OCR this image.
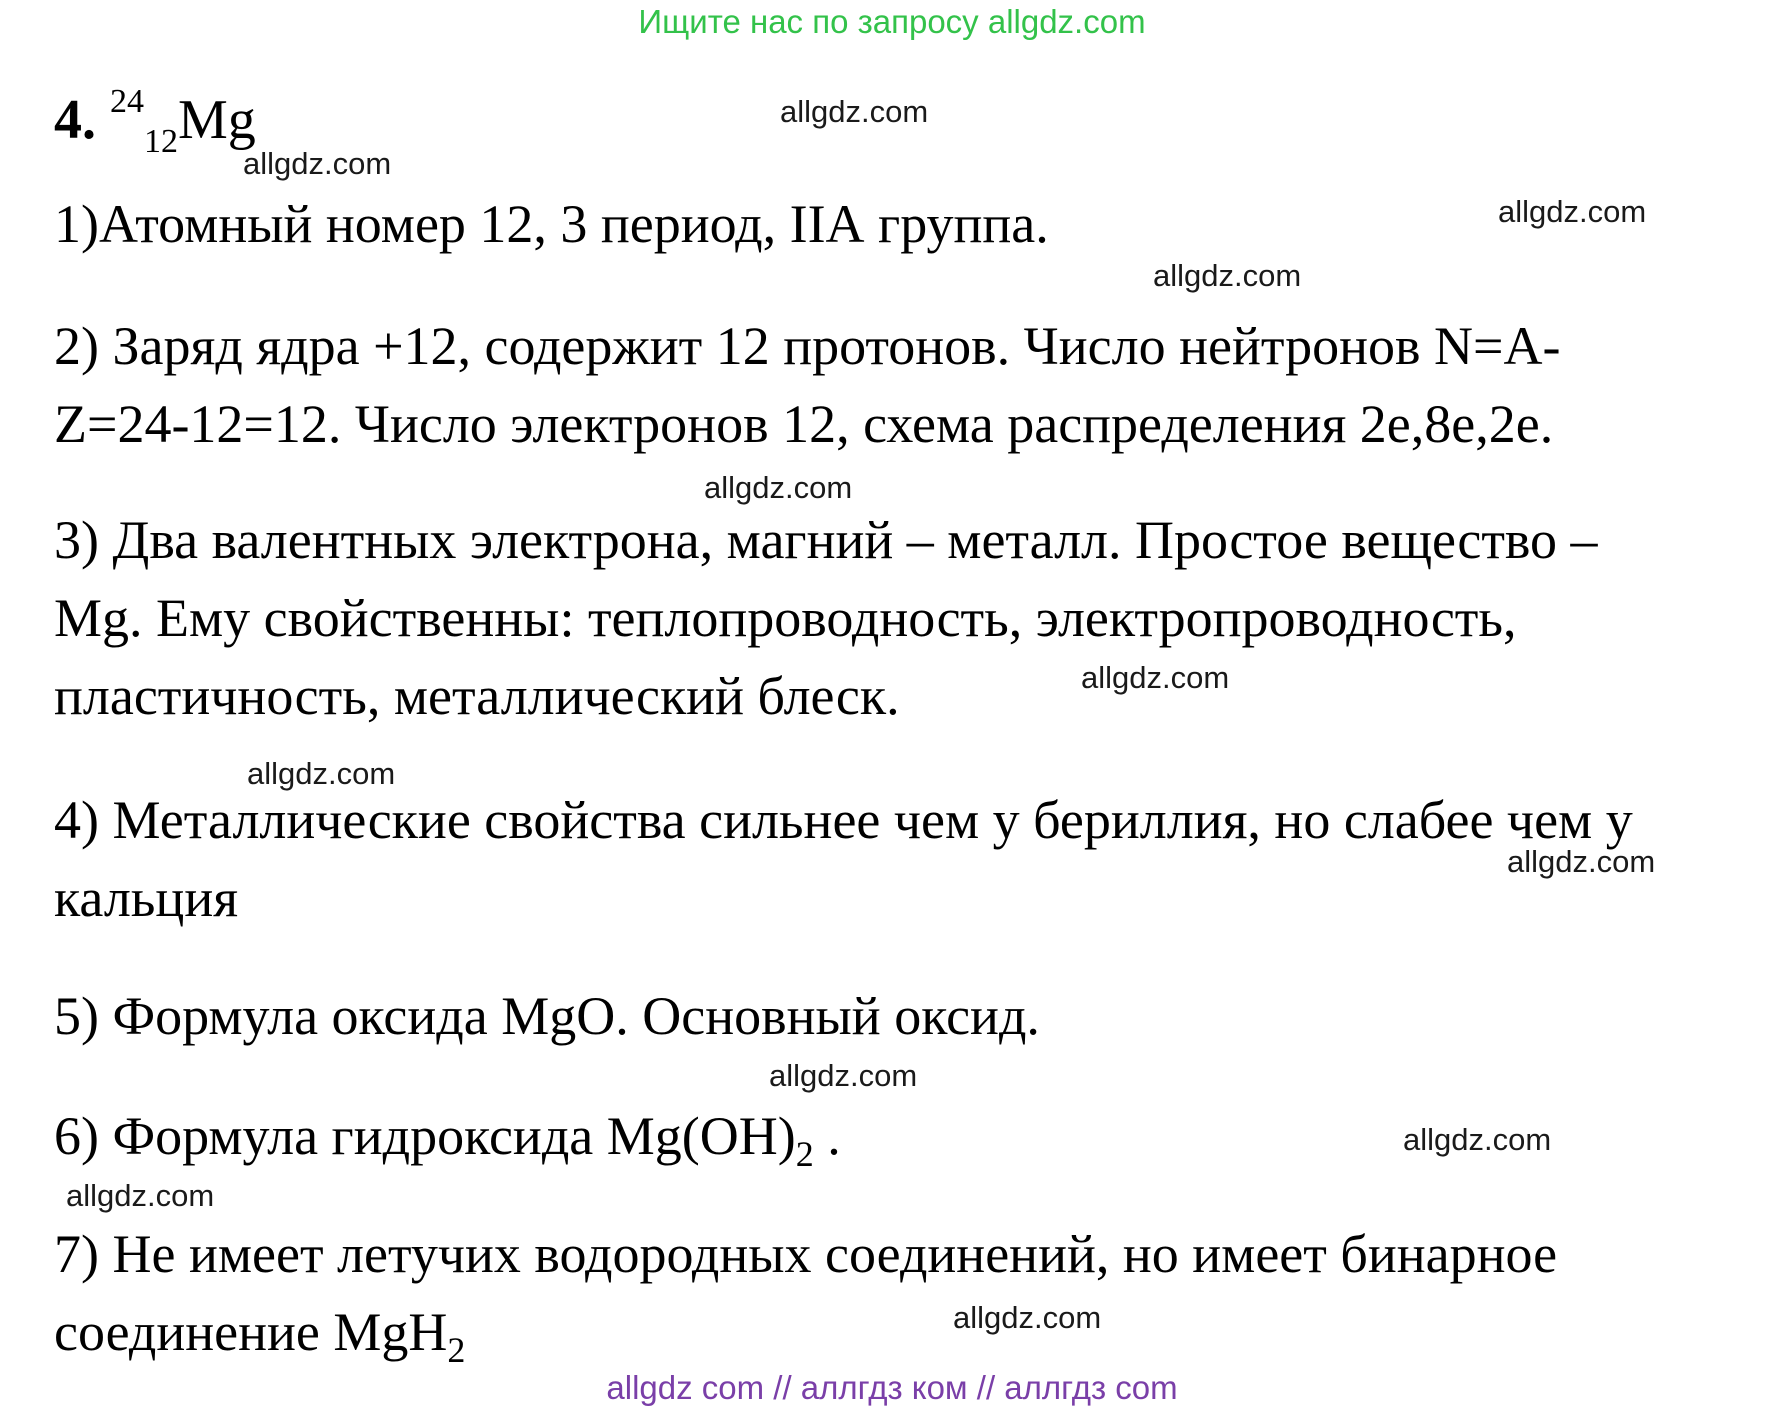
Ищите нас по запросу allgdz.com
4. $^{24}_{12}$Mg
1)Атомный номер 12, 3 период, IIА группа.
2) Заряд ядра +12, содержит 12 протонов. Число нейтронов N=A-
Z=24-12=12. Число электронов 12, схема распределения 2е,8е,2е.
3) Два валентных электрона, магний – металл. Простое вещество –
Mg. Ему свойственны: теплопроводность, электропроводность,
пластичность, металлический блеск.
4) Металлические свойства сильнее чем у бериллия, но слабее чем у
кальция
5) Формула оксида MgO. Основный оксид.
6) Формула гидроксида $Mg(OH)_2$ .
7) Не имеет летучих водородных соединений, но имеет бинарное
соединение MgH$_2$
allgdz.com
allgdz.com
allgdz.com
allgdz.com
allgdz.com
allgdz.com
allgdz.com
allgdz.com
allgdz.com
allgdz.com
allgdz.com
allgdz.com
allgdz com // аллгдз ком // аллгдз com
